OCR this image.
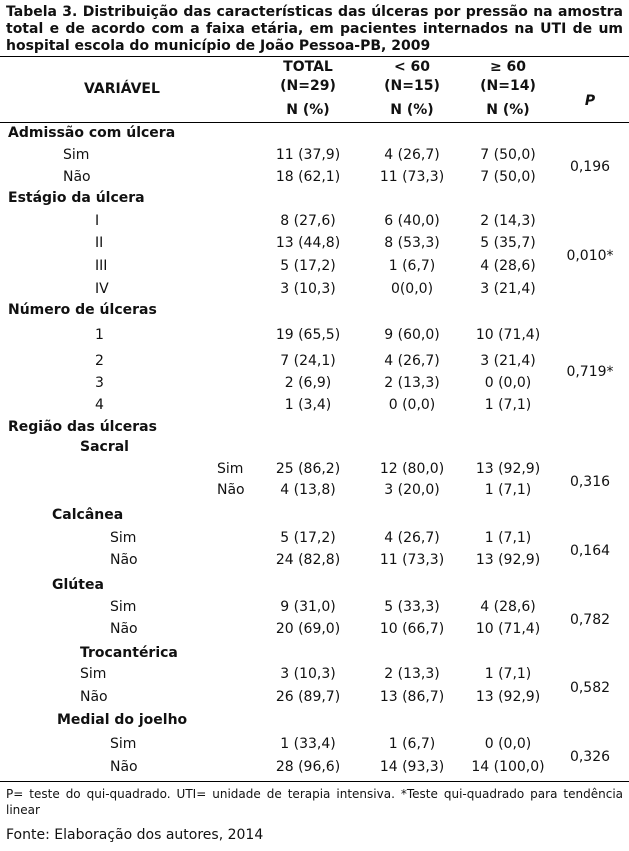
Tabela 3. Distribuição das características das úlceras por pressão na amostra total e de acordo com a faixa etária, em pacientes internados na UTI de um hospital escola do município de João Pessoa-PB, 2009
VARIÁVEL
TOTAL
(N=29)
< 60
(N=15)
≥ 60
(N=14)
P
N (%)	N (%)	N (%)
Admissão com úlcera
Sim	11 (37,9)	4 (26,7)	7 (50,0)
Não	18 (62,1)	11 (73,3)	7 (50,0)
0,196
Estágio da úlcera
I	8 (27,6)	6 (40,0)	2 (14,3)
II	13 (44,8)	8 (53,3)	5 (35,7)
III	5 (17,2)	1 (6,7)	4 (28,6)
IV	3 (10,3)	0(0,0)	3 (21,4)
0,010*
Número de úlceras
1	19 (65,5)	9 (60,0)	10 (71,4)
2	7 (24,1)	4 (26,7)	3 (21,4)
3	2 (6,9)	2 (13,3)	0 (0,0)
4	1 (3,4)	0 (0,0)	1 (7,1)
0,719*
Região das úlceras
Sacral
Sim	25 (86,2)	12 (80,0)	13 (92,9)
Não	4 (13,8)	3 (20,0)	1 (7,1)	0,316
Calcânea
Sim	5 (17,2)	4 (26,7)	1 (7,1)
Não	24 (82,8)	11 (73,3)	13 (92,9)
0,164
Glútea
Sim	9 (31,0)	5 (33,3)	4 (28,6)
Não	20 (69,0)	10 (66,7)	10 (71,4)
0,782
Trocantérica
Sim	3 (10,3)	2 (13,3)	1 (7,1)
Não	26 (89,7)	13 (86,7)	13 (92,9)
0,582
Medial do joelho
Sim	1 (33,4)	1 (6,7)	0 (0,0)
Não	28 (96,6)	14 (93,3)	14 (100,0)
0,326
P= teste do qui-quadrado. UTI= unidade de terapia intensiva. *Teste qui-quadrado para tendência linear
Fonte: Elaboração dos autores, 2014
